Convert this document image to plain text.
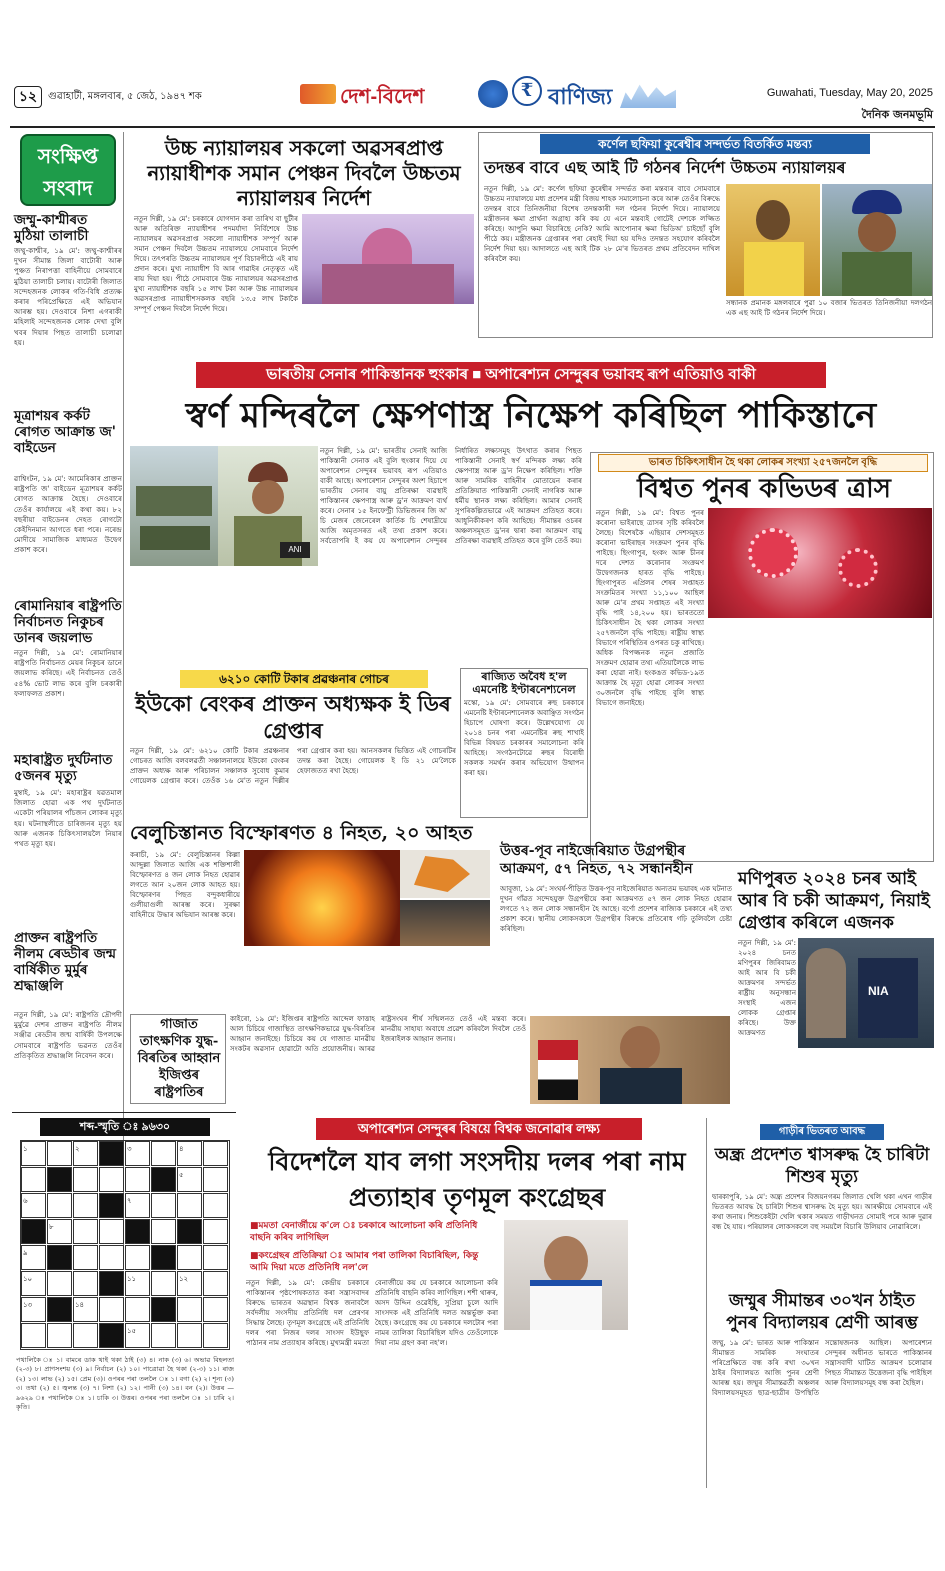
১২	গুৱাহাটী, মঙ্গলবাৰ, ৫ জেঠ, ১৯৪৭ শক	দেশ-বিদেশ	₹ বাণিজ্য	Guwahati, Tuesday, May 20, 2025
দৈনিক জনমভূমি
সংক্ষিপ্ত সংবাদ
জম্মু-কাশ্মীৰত মুঠিয়া তালাচী
জম্মু-কাশ্মীৰ, ১৯ মে': জম্মু-কাশ্মীৰৰ দুখন সীমান্ত জিলা বাটোৰী আৰু পুঞ্চত নিৰাপত্তা বাহিনীয়ে সোমবাৰে মুঠিয়া তালাচী চলায়। বাটোৰী জিলাত সন্দেহজনক লোকৰ গতি-বিধি প্ৰত্যক্ষ কৰাৰ পৰিপ্ৰেক্ষিতে এই অভিযান আৰম্ভ হয়। দেওবাৰে নিশা এগৰাকী মহিলাই সন্দেহজনক লোক দেখা বুলি খবৰ দিয়াৰ পিছত তালাচী চলোৱা হয়।
মূত্ৰাশয়ৰ কৰ্কট ৰোগত আক্ৰান্ত জ' বাইডেন
ৱাশ্বিংটন, ১৯ মে': আমেৰিকাৰ প্ৰাক্তন ৰাষ্ট্ৰপতি জ' বাইডেন মূত্ৰাশয়ৰ কৰ্কট ৰোগত আক্ৰান্ত হৈছে। দেওবাৰে তেওঁৰ কাৰ্যালয়ে এই কথা কয়। ৮২ বছৰীয়া বাইডেনৰ দেহত ৰোগটো কেইদিনমান আগতে ধৰা পৰে। নৰেন্দ্ৰ মোদীয়ে সামাজিক মাধ্যমত উদ্বেগ প্ৰকাশ কৰে।
ৰোমানিয়াৰ ৰাষ্ট্ৰপতি নিৰ্বাচনত নিকুচৰ ডানৰ জয়লাভ
নতুন দিল্লী, ১৯ মে': ৰোমানিয়াৰ ৰাষ্ট্ৰপতি নিৰ্বাচনত মেয়ৰ নিকুচৰ ডানে জয়লাভ কৰিছে। এই নিৰ্বাচনত তেওঁ ৫৪% ভোট লাভ কৰে বুলি চৰকাৰী ফলাফলত প্ৰকাশ।
মহাৰাষ্ট্ৰত দুৰ্ঘটনাত ৫জনৰ মৃত্যু
মুম্বাই, ১৯ মে': মহাৰাষ্ট্ৰৰ যৱতমাল জিলাত হোৱা এক পথ দুৰ্ঘটনাত একেটা পৰিয়ালৰ পাঁচজন লোকৰ মৃত্যু হয়। ঘটনাস্থলীতে চাৰিজনৰ মৃত্যু হয় আৰু এজনক চিকিৎসালয়লৈ নিয়াৰ পথত মৃত্যু হয়।
প্ৰাক্তন ৰাষ্ট্ৰপতি নীলম ৰেড্ডীৰ জন্ম বাৰ্ষিকীত মুৰ্মুৰ শ্ৰদ্ধাঞ্জলি
নতুন দিল্লী, ১৯ মে': ৰাষ্ট্ৰপতি দ্ৰৌপদী মুৰ্মুৱে দেশৰ প্ৰাক্তন ৰাষ্ট্ৰপতি নীলম সঞ্জীৱ ৰেড্ডীৰ জন্ম বাৰ্ষিকী উপলক্ষে সোমবাৰে ৰাষ্ট্ৰপতি ভৱনত তেওঁৰ প্ৰতিকৃতিত শ্ৰদ্ধাঞ্জলি নিবেদন কৰে।
উচ্চ ন্যায়ালয়ৰ সকলো অৱসৰপ্ৰাপ্ত ন্যায়াধীশক সমান পেঞ্চন দিবলৈ উচ্চতম ন্যায়ালয়ৰ নিৰ্দেশ
নতুন দিল্লী, ১৯ মে': চৰকাৰে যোগদান কৰা তাৰিখ বা ছুটীৰ আৰু অতিৰিক্ত ন্যায়াধীশৰ পদমৰ্যাদা নিৰ্বিশেষে উচ্চ ন্যায়ালয়ৰ অৱসৰপ্ৰাপ্ত সকলো ন্যায়াধীশক সম্পূৰ্ণ আৰু সমান পেঞ্চন দিবলৈ উচ্চতম ন্যায়ালয়ে সোমবাৰে নিৰ্দেশ দিয়ে। তৎপৰতি উচ্চতম ন্যায়ালয়ৰ পূৰ্ণ বিচাৰপীঠে এই ৰায় প্ৰদান কৰে। মুখ্য ন্যায়াধীশ বি আৰ গাৱাইৰ নেতৃত্বত এই ৰায় দিয়া হয়। পীঠে সোমবাৰে উচ্চ ন্যায়ালয়ৰ অৱসৰপ্ৰাপ্ত মুখ্য ন্যায়াধীশক বছৰি ১৫ লাখ টকা আৰু উচ্চ ন্যায়ালয়ৰ অৱসৰপ্ৰাপ্ত ন্যায়াধীশসকলক বছৰি ১৩.৫ লাখ টকাকৈ সম্পূৰ্ণ পেঞ্চন দিবলৈ নিৰ্দেশ দিয়ে।
কৰ্ণেল ছফিয়া কুৰেশ্বীৰ সন্দৰ্ভত বিতৰ্কিত মন্তব্য
তদন্তৰ বাবে এছ আই টি গঠনৰ নিৰ্দেশ উচ্চতম ন্যায়ালয়ৰ
নতুন দিল্লী, ১৯ মে': কৰ্ণেল ছফিয়া কুৰেশ্বীৰ সন্দৰ্ভত কৰা মন্তব্যৰ বাবে সোমবাৰে উচ্চতম ন্যায়ালয়ে মধ্য প্ৰদেশৰ মন্ত্ৰী বিজয় শাহক সমালোচনা কৰে আৰু তেওঁৰ বিৰুদ্ধে তদন্তৰ বাবে তিনিজনীয়া বিশেষ তদন্তকাৰী দল গঠনৰ নিৰ্দেশ দিয়ে। ন্যায়ালয়ে মন্ত্ৰীজনৰ ক্ষমা প্ৰাৰ্থনা অগ্ৰাহ্য কৰি কয় যে এনে মন্তব্যই গোটেই দেশকে লজ্জিত কৰিছে। আপুনি ক্ষমা বিচাৰিছে নেকি? আমি আপোনাৰ ক্ষমা ভিডিঅ' চাইছোঁ বুলি পীঠে কয়। মন্ত্ৰীজনক গ্ৰেপ্তাৰৰ পৰা ৰেহাই দিয়া হয় যদিও তদন্তত সহযোগ কৰিবলৈ নিৰ্দেশ দিয়া হয়। আদালতে এছ আই টিক ২৮ মে'ৰ ভিতৰত প্ৰথম প্ৰতিবেদন দাখিল কৰিবলৈ কয়।
সন্ধানক প্ৰমানক মঙ্গলবাৰে পুৱা ১০ বজাৰ ভিতৰত তিনিজনীয়া দলগঠন এক এছ আই টি গঠনৰ নিৰ্দেশ দিয়ে।
ভাৰতীয় সেনাৰ পাকিস্তানক হুংকাৰ ■ অপাৰেশ্যন সেন্দুৰৰ ভয়াবহ ৰূপ এতিয়াও বাকী
স্বৰ্ণ মন্দিৰলৈ ক্ষেপণাস্ত্ৰ নিক্ষেপ কৰিছিল পাকিস্তানে
ANI
নতুন দিল্লী, ১৯ মে': ভাৰতীয় সেনাই আজি পাকিস্তানী সেনাক এই বুলি হুংকাৰ দিয়ে যে অপাৰেশ্যন সেন্দুৰৰ ভয়াবহ ৰূপ এতিয়াও বাকী আছে। অপাৰেশ্যন সেন্দুৰৰ অংশ হিচাপে ভাৰতীয় সেনাৰ বায়ু প্ৰতিৰক্ষা ব্যৱস্থাই পাকিস্তানৰ ক্ষেপণাস্ত্ৰ আৰু ড্ৰ'ন আক্ৰমণ ব্যৰ্থ কৰে। সেনাৰ ১৫ ইনফেণ্ট্ৰী ডিভিজনৰ জি অ' চি মেজৰ জেনেৰেল কাৰ্তিক চি শেষাদ্ৰীয়ে আজি অমৃতসৰত এই তথ্য প্ৰকাশ কৰে। সৰ্বতোপৰি ই কয় যে অপাৰেশ্যন সেন্দুৰৰ নিৰ্ধাৰিত লক্ষ্যসমূহ উৎখাত কৰাৰ পিছত পাকিস্তানী সেনাই স্বৰ্ণ মন্দিৰক লক্ষ্য কৰি ক্ষেপণাস্ত্ৰ আৰু ড্ৰ'ন নিক্ষেপ কৰিছিল। শক্তি আৰু সামৰিক বাহিনীৰ মোতায়েন কৰাৰ প্ৰতিক্ৰিয়াত পাকিস্তানী সেনাই নাগৰিক আৰু ধৰ্মীয় স্থানক লক্ষ্য কৰিছিল। আমাৰ সেনাই সুপৰিকল্পিতভাৱে এই আক্ৰমণ প্ৰতিহত কৰে। আধুনিকীকৰণ কৰি আহিছে। সীমান্তৰ ওচৰৰ অঞ্চলসমূহত ড্ৰ'নৰ দ্বাৰা কৰা আক্ৰমণ বায়ু প্ৰতিৰক্ষা ব্যৱস্থাই প্ৰতিহত কৰে বুলি তেওঁ কয়।
ভাৰত চিকিৎসাধীন হৈ থকা লোকৰ সংখ্যা ২৫৭জনলৈ বৃদ্ধি
বিশ্বত পুনৰ কভিডৰ ত্ৰাস
নতুন দিল্লী, ১৯ মে': বিশ্বত পুনৰ কৰোনা ভাইৰাছে ত্ৰাসৰ সৃষ্টি কৰিবলৈ লৈছে। বিশেষকৈ এছিয়াৰ দেশসমূহত কৰোনা ভাইৰাছৰ সংক্ৰমণ পুনৰ বৃদ্ধি পাইছে। ছিংগাপুৰ, হংকং আৰু চীনৰ দৰে দেশত কৰোনাৰ সংক্ৰমণ উদ্বেগজনক হাৰত বৃদ্ধি পাইছে। ছিংগাপুৰত এপ্ৰিলৰ শেষৰ সপ্তাহত সংক্ৰমিতৰ সংখ্যা ১১,১০০ আছিল আৰু মে'ৰ প্ৰথম সপ্তাহত এই সংখ্যা বৃদ্ধি পাই ১৪,২০০ হয়। ভাৰততো চিকিৎসাধীন হৈ থকা লোকৰ সংখ্যা ২৫৭জনলৈ বৃদ্ধি পাইছে। ৰাষ্ট্ৰীয় স্বাস্থ্য বিভাগে পৰিস্থিতিৰ ওপৰত চকু ৰাখিছে। অধিক বিপজ্জনক নতুন প্ৰজাতি সংক্ৰমণ হোৱাৰ তথ্য এতিয়ালৈকে লাভ কৰা হোৱা নাই। হংকঙত কভিড-১৯ত আক্ৰান্ত হৈ মৃত্যু হোৱা লোকৰ সংখ্যা ৩০জনলৈ বৃদ্ধি পাইছে বুলি স্বাস্থ্য বিভাগে জনাইছে।
৬২১০ কোটি টকাৰ প্ৰৱঞ্চনাৰ গোচৰ
ইউকো বেংকৰ প্ৰাক্তন অধ্যক্ষক ই ডিৰ গ্ৰেপ্তাৰ
নতুন দিল্লী, ১৯ মে': ৬২১০ কোটি টকাৰ প্ৰৱঞ্চনাৰ গোচৰত আজি বলবলৱৰ্তী সঞ্চালনালয়ে ইউকো বেংকৰ প্ৰাক্তন অধ্যক্ষ আৰু পৰিচালন সঞ্চালক সুবোধ কুমাৰ গোয়েলক গ্ৰেপ্তাৰ কৰে। তেওঁক ১৬ মে'ত নতুন দিল্লীৰ পৰা গ্ৰেপ্তাৰ কৰা হয়। আনসকলৰ ভিত্তিত এই গোচৰটিৰ তদন্ত কৰা হৈছে। গোয়েলক ই ডি ২১ মে'লৈকে হেফাজতত ৰখা হৈছে।
ৰাজ্যিত অবৈধ হ'ল এমনেষ্টি ইণ্টাৰনেশ্যনেল
মস্কো, ১৯ মে': সোমবাৰে ৰুছ চৰকাৰে এমনেষ্টি ইণ্টাৰনেশ্যনেলক অবাঞ্ছিত সংগঠন হিচাপে ঘোষণা কৰে। উল্লেখযোগ্য যে ২০১৪ চনৰ পৰা এমনেষ্টিৰ ৰুছ শাখাই বিভিন্ন বিষয়ত চৰকাৰৰ সমালোচনা কৰি আহিছে। সংগঠনটোৱে ৰুছৰ বিৰোধী সকলক সমৰ্থন কৰাৰ অভিযোগ উত্থাপন কৰা হয়।
বেলুচিস্তানত বিস্ফোৰণত ৪ নিহত, ২০ আহত
কৰাচী, ১৯ মে': বেলুচিস্তানৰ কিল্লা আব্দুল্লা জিলাত আজি এক শক্তিশালী বিস্ফোৰণত ৪ জন লোক নিহত হোৱাৰ লগতে আন ২০জন লোক আহত হয়। বিস্ফোৰণৰ পিছত বন্দুকধাৰীয়ে গুলীয়াগুলী আৰম্ভ কৰে। সুৰক্ষা বাহিনীয়ে উদ্ধাৰ অভিযান আৰম্ভ কৰে।
উত্তৰ-পূব নাইজেৰিয়াত উগ্ৰপন্থীৰ আক্ৰমণ, ৫৭ নিহত, ৭২ সন্ধানহীন
আবুজা, ১৯ মে': সংঘৰ্ষ-পীড়িত উত্তৰ-পূব নাইজেৰিয়াত অন্যতম ভয়াবহ এক ঘটনাত দুখন গাঁৱত সন্দেহযুক্ত উগ্ৰপন্থীয়ে কৰা আক্ৰমণত ৫৭ জন লোক নিহত হোৱাৰ লগতে ৭২ জন লোক সন্ধানহীন হৈ আছে। বৰ্ণো প্ৰদেশৰ ৰাজ্যিক চৰকাৰে এই তথ্য প্ৰকাশ কৰে। স্থানীয় লোকসকলে উগ্ৰপন্থীৰ বিৰুদ্ধে প্ৰতিৰোধ গঢ়ি তুলিবলৈ চেষ্টা কৰিছিল।
মণিপুৰত ২০২৪ চনৰ আই আৰ বি চকী আক্ৰমণ, নিয়াই গ্ৰেপ্তাৰ কৰিলে এজনক
নতুন দিল্লী, ১৯ মে': ২০২৪ চনত মণিপুৰৰ জিৰিবামত আই আৰ বি চকী আক্ৰমণৰ সন্দৰ্ভত ৰাষ্ট্ৰীয় অনুসন্ধান সংস্থাই এজন লোকক গ্ৰেপ্তাৰ কৰিছে। উক্ত আক্ৰমণত
NIA
গাজাত তাৎক্ষণিক যুদ্ধ-বিৰতিৰ আহ্বান ইজিপ্তৰ ৰাষ্ট্ৰপতিৰ
কাইৰো, ১৯ মে': ইজিপ্তৰ ৰাষ্ট্ৰপতি আব্দেল ফাত্তাহ আল চিচিয়ে গাজাস্থিত তাৎক্ষণিকভাৱে যুদ্ধ-বিৰতিৰ আহ্বান জনাইছে। চিচিয়ে কয় যে গাজাত মানৱীয় সংকটৰ অৱসান হোৱাটো অতি প্ৰয়োজনীয়। আৰৱ ৰাষ্ট্ৰসংঘৰ শীৰ্ষ সন্মিলনত তেওঁ এই মন্তব্য কৰে। মানৱীয় সাহায্য অবাধে প্ৰৱেশ কৰিবলৈ দিবলৈ তেওঁ ইজৰাইলক আহ্বান জনায়।
শব্দ-স্মৃতি ঃ ৯৬৩০
১	২	৩	৪
৫
৬	৭
৮
৯
১০	১১	১২
১৩	১৪
১৫
পথালিকৈ ঃ ১। বামৰে ডাক থাই থকা ঠাই (৩) ৪। নাক (৩) ৬। অভাৱ বিহলতা (২-৩) ৮। প্ৰাণসংশয় (৩) ৯। নিৰ্বাচন (২) ১০। পাত্ৰোৱা হৈ থকা (২-৩) ১১। ৰাজ (২) ১৩। লাভ (২) ১৫। প্ৰেম (৩)। ওপৰৰ পৰা তললৈ ঃ ১। বগা (২) ২। শূন্য (৩) ৩। তথা (২) ৫। জ্বলন্ত (৩) ৭। নিশা (২) ১২। পানী (৩) ১৪। বন (২)। উত্তৰ — ৯৬২৯ ঃ পথালিকৈ ঃ ১। চাকি ৩। উত্তৰ। ওপৰৰ পৰা তললৈ ঃ ১। চাৰি ২। কৃতি।
অপাৰেশ্যন সেন্দুৰৰ বিষয়ে বিশ্বক জনোৱাৰ লক্ষ্য
বিদেশলৈ যাব লগা সংসদীয় দলৰ পৰা নাম প্ৰত্যাহাৰ তৃণমূল কংগ্ৰেছৰ
■মমতা বেনাৰ্জীয়ে ক'লে ঃ চৰকাৰে আলোচনা কৰি প্ৰতিনিধি বাছনি কৰিব লাগিছিল
■কংগ্ৰেছৰ প্ৰতিক্ৰিয়া ঃ আমাৰ পৰা তালিকা বিচাৰিছিল, কিন্তু আমি দিয়া মতে প্ৰতিনিধি নল'লে
নতুন দিল্লী, ১৯ মে': কেন্দ্ৰীয় চৰকাৰে পাকিস্তানৰ পৃষ্ঠপোষকতাত কৰা সন্ত্ৰাসবাদৰ বিৰুদ্ধে ভাৰতৰ অৱস্থান বিশ্বক জনাবলৈ সৰ্বদলীয় সংসদীয় প্ৰতিনিধি দল প্ৰেৰণৰ সিদ্ধান্ত লৈছে। তৃণমূল কংগ্ৰেছে এই প্ৰতিনিধি দলৰ পৰা নিজৰ দলৰ সাংসদ ইউছুফ পাঠানৰ নাম প্ৰত্যাহাৰ কৰিছে। মুখ্যমন্ত্ৰী মমতা বেনাৰ্জীয়ে কয় যে চৰকাৰে আলোচনা কৰি প্ৰতিনিধি বাছনি কৰিব লাগিছিল। শশী থাৰুৰ, অসদ উদ্দিন ওৱেইছি, সুপ্ৰিয়া চুলে আদি সাংসদক এই প্ৰতিনিধি দলত অন্তৰ্ভুক্ত কৰা হৈছে। কংগ্ৰেছে কয় যে চৰকাৰে দলটোৰ পৰা নামৰ তালিকা বিচাৰিছিল যদিও তেওঁলোকে দিয়া নাম গ্ৰহণ কৰা নহ'ল।
গাড়ীৰ ভিতৰত আবদ্ধ
অন্ধ্ৰ প্ৰদেশত শ্বাসৰুদ্ধ হৈ চাৰিটা শিশুৰ মৃত্যু
দ্বাৰকাপুৰি, ১৯ মে': অন্ধ্ৰ প্ৰদেশৰ বিজয়নগৰম জিলাত খেলি থকা এখন গাড়ীৰ ভিতৰত আবদ্ধ হৈ চাৰিটা শিশুৰ শ্বাসৰুদ্ধ হৈ মৃত্যু হয়। আৰক্ষীয়ে সোমবাৰে এই কথা জনায়। শিশুকেইটা খেলি থকাৰ সময়ত গাড়ীখনত সোমাই পৰে আৰু দুৱাৰ বন্ধ হৈ যায়। পৰিয়ালৰ লোকসকলে বহু সময়লৈ বিচাৰি উলিয়াব নোৱাৰিলে।
জম্মুৰ সীমান্তৰ ৩০খন ঠাইত পুনৰ বিদ্যালয়ৰ শ্ৰেণী আৰম্ভ
জম্মু, ১৯ মে': ভাৰত আৰু পাকিস্তান সীমান্তত সামৰিক সংঘাতৰ পৰিপ্ৰেক্ষিতে বন্ধ কৰি ৰখা ৩০খন ঠাইৰ বিদ্যালয়ত আজি পুনৰ শ্ৰেণী আৰম্ভ হয়। জম্মুৰ সীমান্তৱৰ্তী অঞ্চলৰ বিদ্যালয়সমূহত ছাত্ৰ-ছাত্ৰীৰ উপস্থিতি সন্তোষজনক আছিল। অপাৰেশ্যন সেন্দুৰৰ অধীনত ভাৰতে পাকিস্তানৰ সন্ত্ৰাসবাদী ঘাটিত আক্ৰমণ চলোৱাৰ পিছত সীমান্তত উত্তেজনা বৃদ্ধি পাইছিল আৰু বিদ্যালয়সমূহ বন্ধ কৰা হৈছিল।
